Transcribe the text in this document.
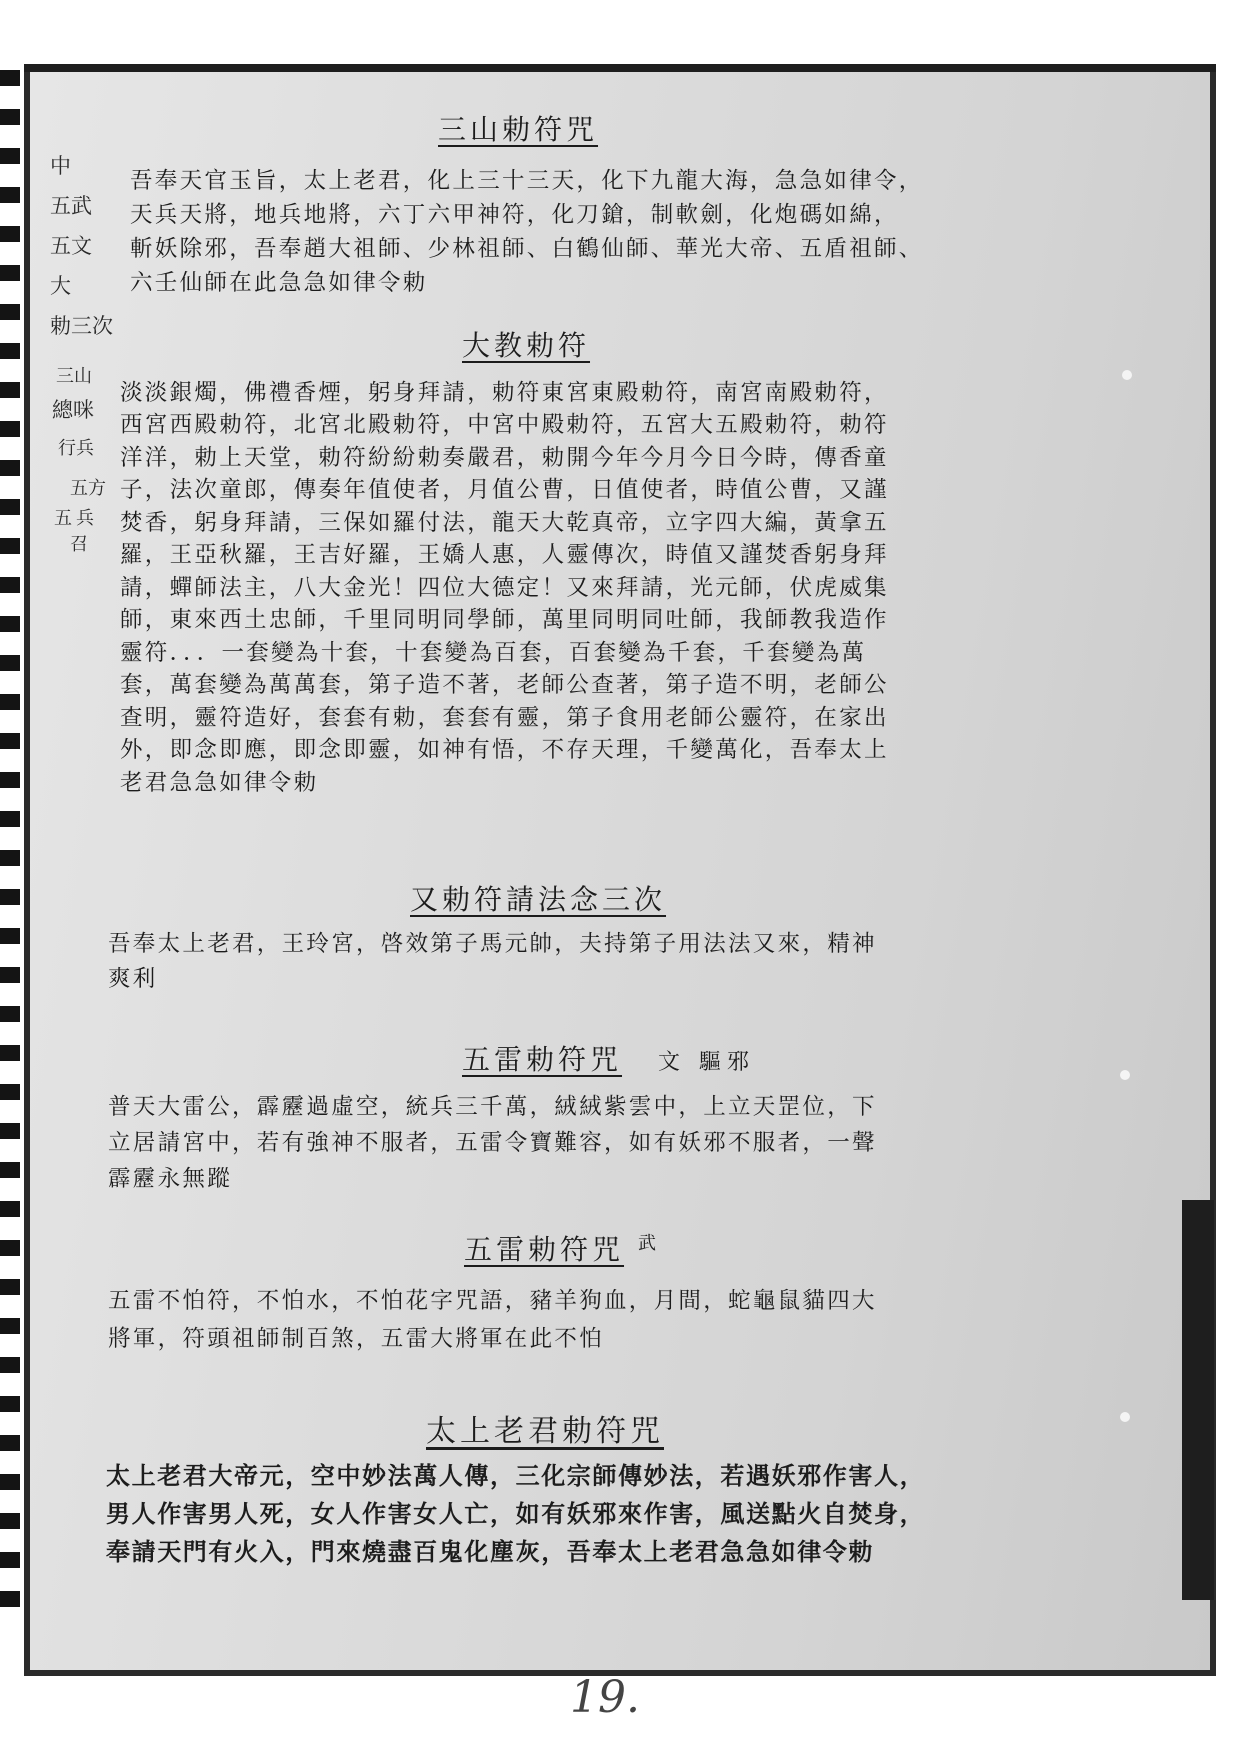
中
五武
五文
大
勅三次
三山
總咪
行兵
五方
五 兵
召
三山勅符咒
吾奉天官玉旨，太上老君，化上三十三天，化下九龍大海，急急如律令，
天兵天將，地兵地將，六丁六甲神符，化刀鎗，制軟劍，化炮碼如綿，
斬妖除邪，吾奉趙大祖師、少林祖師、白鶴仙師、華光大帝、五盾祖師、
六壬仙師在此急急如律令勅
大教勅符
淡淡銀燭，佛禮香煙，躬身拜請，勅符東宮東殿勅符，南宮南殿勅符，
西宮西殿勅符，北宮北殿勅符，中宮中殿勅符，五宮大五殿勅符，勅符
洋洋，勅上天堂，勅符紛紛勅奏嚴君，勅開今年今月今日今時，傳香童
子，法次童郎，傳奏年值使者，月值公曹，日值使者，時值公曹，又謹
焚香，躬身拜請，三保如羅付法，龍天大乾真帝，立字四大編，黃拿五
羅，王亞秋羅，王吉好羅，王嬌人惠，人靈傳次，時值又謹焚香躬身拜
請，蟬師法主，八大金光！四位大德定！又來拜請，光元師，伏虎威集
師，東來西土忠師，千里同明同學師，萬里同明同吐師，我師教我造作
靈符．．．一套變為十套，十套變為百套，百套變為千套，千套變為萬
套，萬套變為萬萬套，第子造不著，老師公查著，第子造不明，老師公
查明，靈符造好，套套有勅，套套有靈，第子食用老師公靈符，在家出
外，即念即應，即念即靈，如神有悟，不存天理，千變萬化，吾奉太上
老君急急如律令勅
又勅符請法念三次
吾奉太上老君，王玲宮，啓效第子馬元帥，夫持第子用法法又來，精神
爽利
五雷勅符咒 文 驅邪
普天大雷公，霹靂過虛空，統兵三千萬，絨絨紫雲中，上立天罡位，下
立居請宮中，若有強神不服者，五雷令寶難容，如有妖邪不服者，一聲
霹靂永無蹤
五雷勅符咒 武
五雷不怕符，不怕水，不怕花字咒語，豬羊狗血，月間，蛇龜鼠貓四大
將軍，符頭祖師制百煞，五雷大將軍在此不怕
太上老君勅符咒
太上老君大帝元，空中妙法萬人傳，三化宗師傳妙法，若遇妖邪作害人，
男人作害男人死，女人作害女人亡，如有妖邪來作害，風送點火自焚身，
奉請天門有火入，門來燒盡百鬼化塵灰，吾奉太上老君急急如律令勅
19.
